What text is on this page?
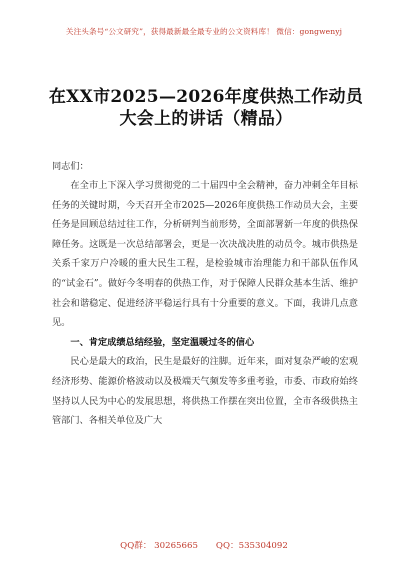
关注头条号“公文研究”，获得最新最全最专业的公文资料库！ 微信：gongwenyj
在XX市2025—2026年度供热工作动员大会上的讲话（精品）
同志们：

在全市上下深入学习贯彻党的二十届四中全会精神，奋力冲刺全年目标任务的关键时期，今天召开全市2025—2026年度供热工作动员大会，主要任务是回顾总结过往工作，分析研判当前形势，全面部署新一年度的供热保障任务。这既是一次总结部署会，更是一次决战决胜的动员令。城市供热是关系千家万户冷暖的重大民生工程，是检验城市治理能力和干部队伍作风的“试金石”。做好今冬明春的供热工作，对于保障人民群众基本生活、维护社会和谐稳定、促进经济平稳运行具有十分重要的意义。下面，我讲几点意见。

一、肯定成绩总结经验，坚定温暖过冬的信心

民心是最大的政治，民生是最好的注脚。近年来，面对复杂严峻的宏观经济形势、能源价格波动以及极端天气频发等多重考验，市委、市政府始终坚持以人民为中心的发展思想，将供热工作摆在突出位置，全市各级供热主管部门、各相关单位及广大

QQ群： 30265665 QQ：535304092
